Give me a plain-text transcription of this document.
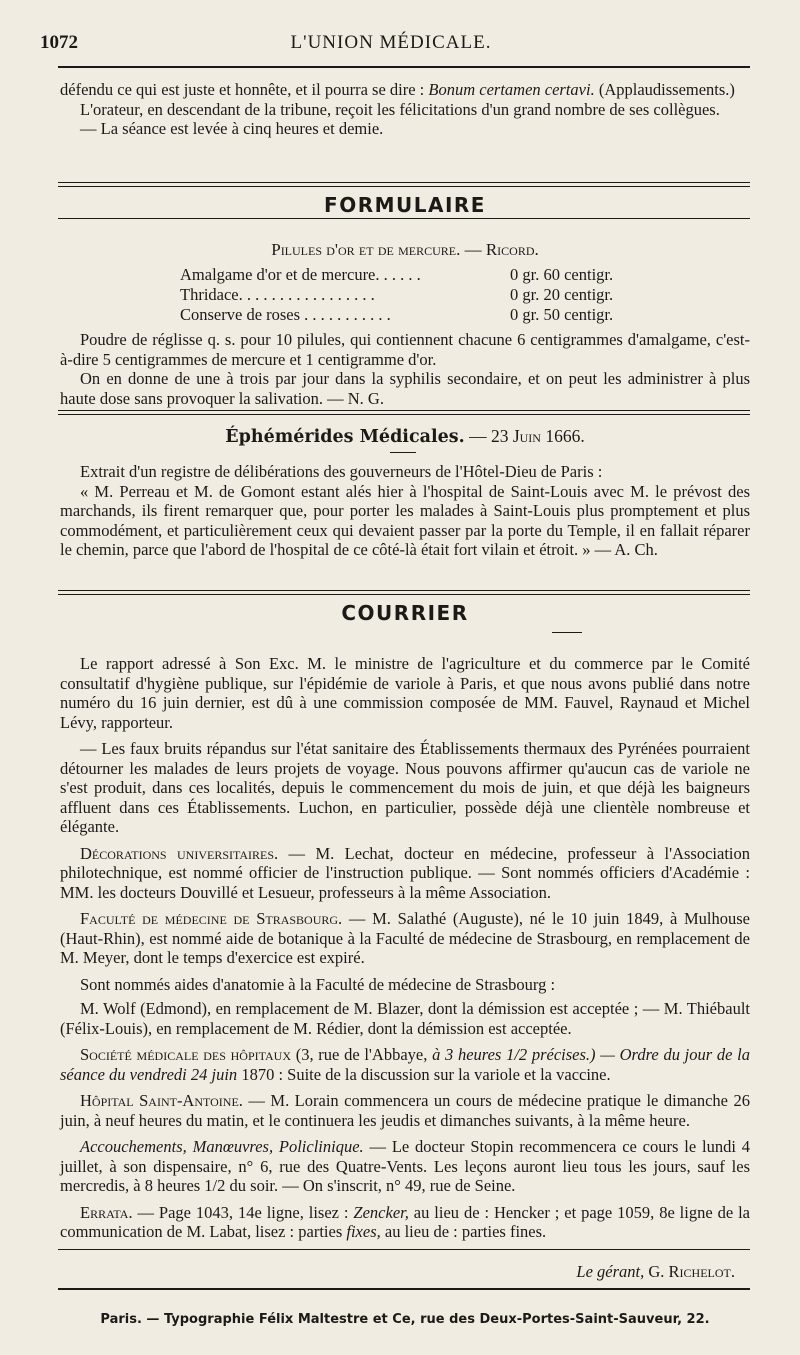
1072	L'UNION MÉDICALE.

défendu ce qui est juste et honnête, et il pourra se dire : Bonum certamen certavi. (Applaudissements.)

L'orateur, en descendant de la tribune, reçoit les félicitations d'un grand nombre de ses collègues.

— La séance est levée à cinq heures et demie.

FORMULAIRE
Pilules d'or et de mercure. — Ricord.
Amalgame d'or et de mercure. . . . . .	0 gr. 60 centigr.
Thridace. . . . . . . . . . . . . . . . .	0 gr. 20 centigr.
Conserve de roses . . . . . . . . . . .	0 gr. 50 centigr.

Poudre de réglisse q. s. pour 10 pilules, qui contiennent chacune 6 centigrammes d'amalgame, c'est-à-dire 5 centigrammes de mercure et 1 centigramme d'or.

On en donne de une à trois par jour dans la syphilis secondaire, et on peut les administrer à plus haute dose sans provoquer la salivation. — N. G.

Éphémérides Médicales. — 23 Juin 1666.

Extrait d'un registre de délibérations des gouverneurs de l'Hôtel-Dieu de Paris :

« M. Perreau et M. de Gomont estant alés hier à l'hospital de Saint-Louis avec M. le prévost des marchands, ils firent remarquer que, pour porter les malades à Saint-Louis plus promptement et plus commodément, et particulièrement ceux qui devaient passer par la porte du Temple, il en fallait réparer le chemin, parce que l'abord de l'hospital de ce côté-là était fort vilain et étroit. » — A. Ch.

COURRIER

Le rapport adressé à Son Exc. M. le ministre de l'agriculture et du commerce par le Comité consultatif d'hygiène publique, sur l'épidémie de variole à Paris, et que nous avons publié dans notre numéro du 16 juin dernier, est dû à une commission composée de MM. Fauvel, Raynaud et Michel Lévy, rapporteur.

— Les faux bruits répandus sur l'état sanitaire des Établissements thermaux des Pyrénées pourraient détourner les malades de leurs projets de voyage. Nous pouvons affirmer qu'aucun cas de variole ne s'est produit, dans ces localités, depuis le commencement du mois de juin, et que déjà les baigneurs affluent dans ces Établissements. Luchon, en particulier, possède déjà une clientèle nombreuse et élégante.

Décorations universitaires. — M. Lechat, docteur en médecine, professeur à l'Association philotechnique, est nommé officier de l'instruction publique. — Sont nommés officiers d'Académie : MM. les docteurs Douvillé et Lesueur, professeurs à la même Association.

Faculté de médecine de Strasbourg. — M. Salathé (Auguste), né le 10 juin 1849, à Mulhouse (Haut-Rhin), est nommé aide de botanique à la Faculté de médecine de Strasbourg, en remplacement de M. Meyer, dont le temps d'exercice est expiré.

Sont nommés aides d'anatomie à la Faculté de médecine de Strasbourg :

M. Wolf (Edmond), en remplacement de M. Blazer, dont la démission est acceptée ; — M. Thiébault (Félix-Louis), en remplacement de M. Rédier, dont la démission est acceptée.

Société médicale des hôpitaux (3, rue de l'Abbaye, à 3 heures 1/2 précises.) — Ordre du jour de la séance du vendredi 24 juin 1870 : Suite de la discussion sur la variole et la vaccine.

Hôpital Saint-Antoine. — M. Lorain commencera un cours de médecine pratique le dimanche 26 juin, à neuf heures du matin, et le continuera les jeudis et dimanches suivants, à la même heure.

Accouchements, Manœuvres, Policlinique. — Le docteur Stopin recommencera ce cours le lundi 4 juillet, à son dispensaire, n° 6, rue des Quatre-Vents. Les leçons auront lieu tous les jours, sauf les mercredis, à 8 heures 1/2 du soir. — On s'inscrit, n° 49, rue de Seine.

Errata. — Page 1043, 14e ligne, lisez : Zencker, au lieu de : Hencker ; et page 1059, 8e ligne de la communication de M. Labat, lisez : parties fixes, au lieu de : parties fines.

Le gérant, G. Richelot.
Paris. — Typographie Félix Maltestre et Ce, rue des Deux-Portes-Saint-Sauveur, 22.
